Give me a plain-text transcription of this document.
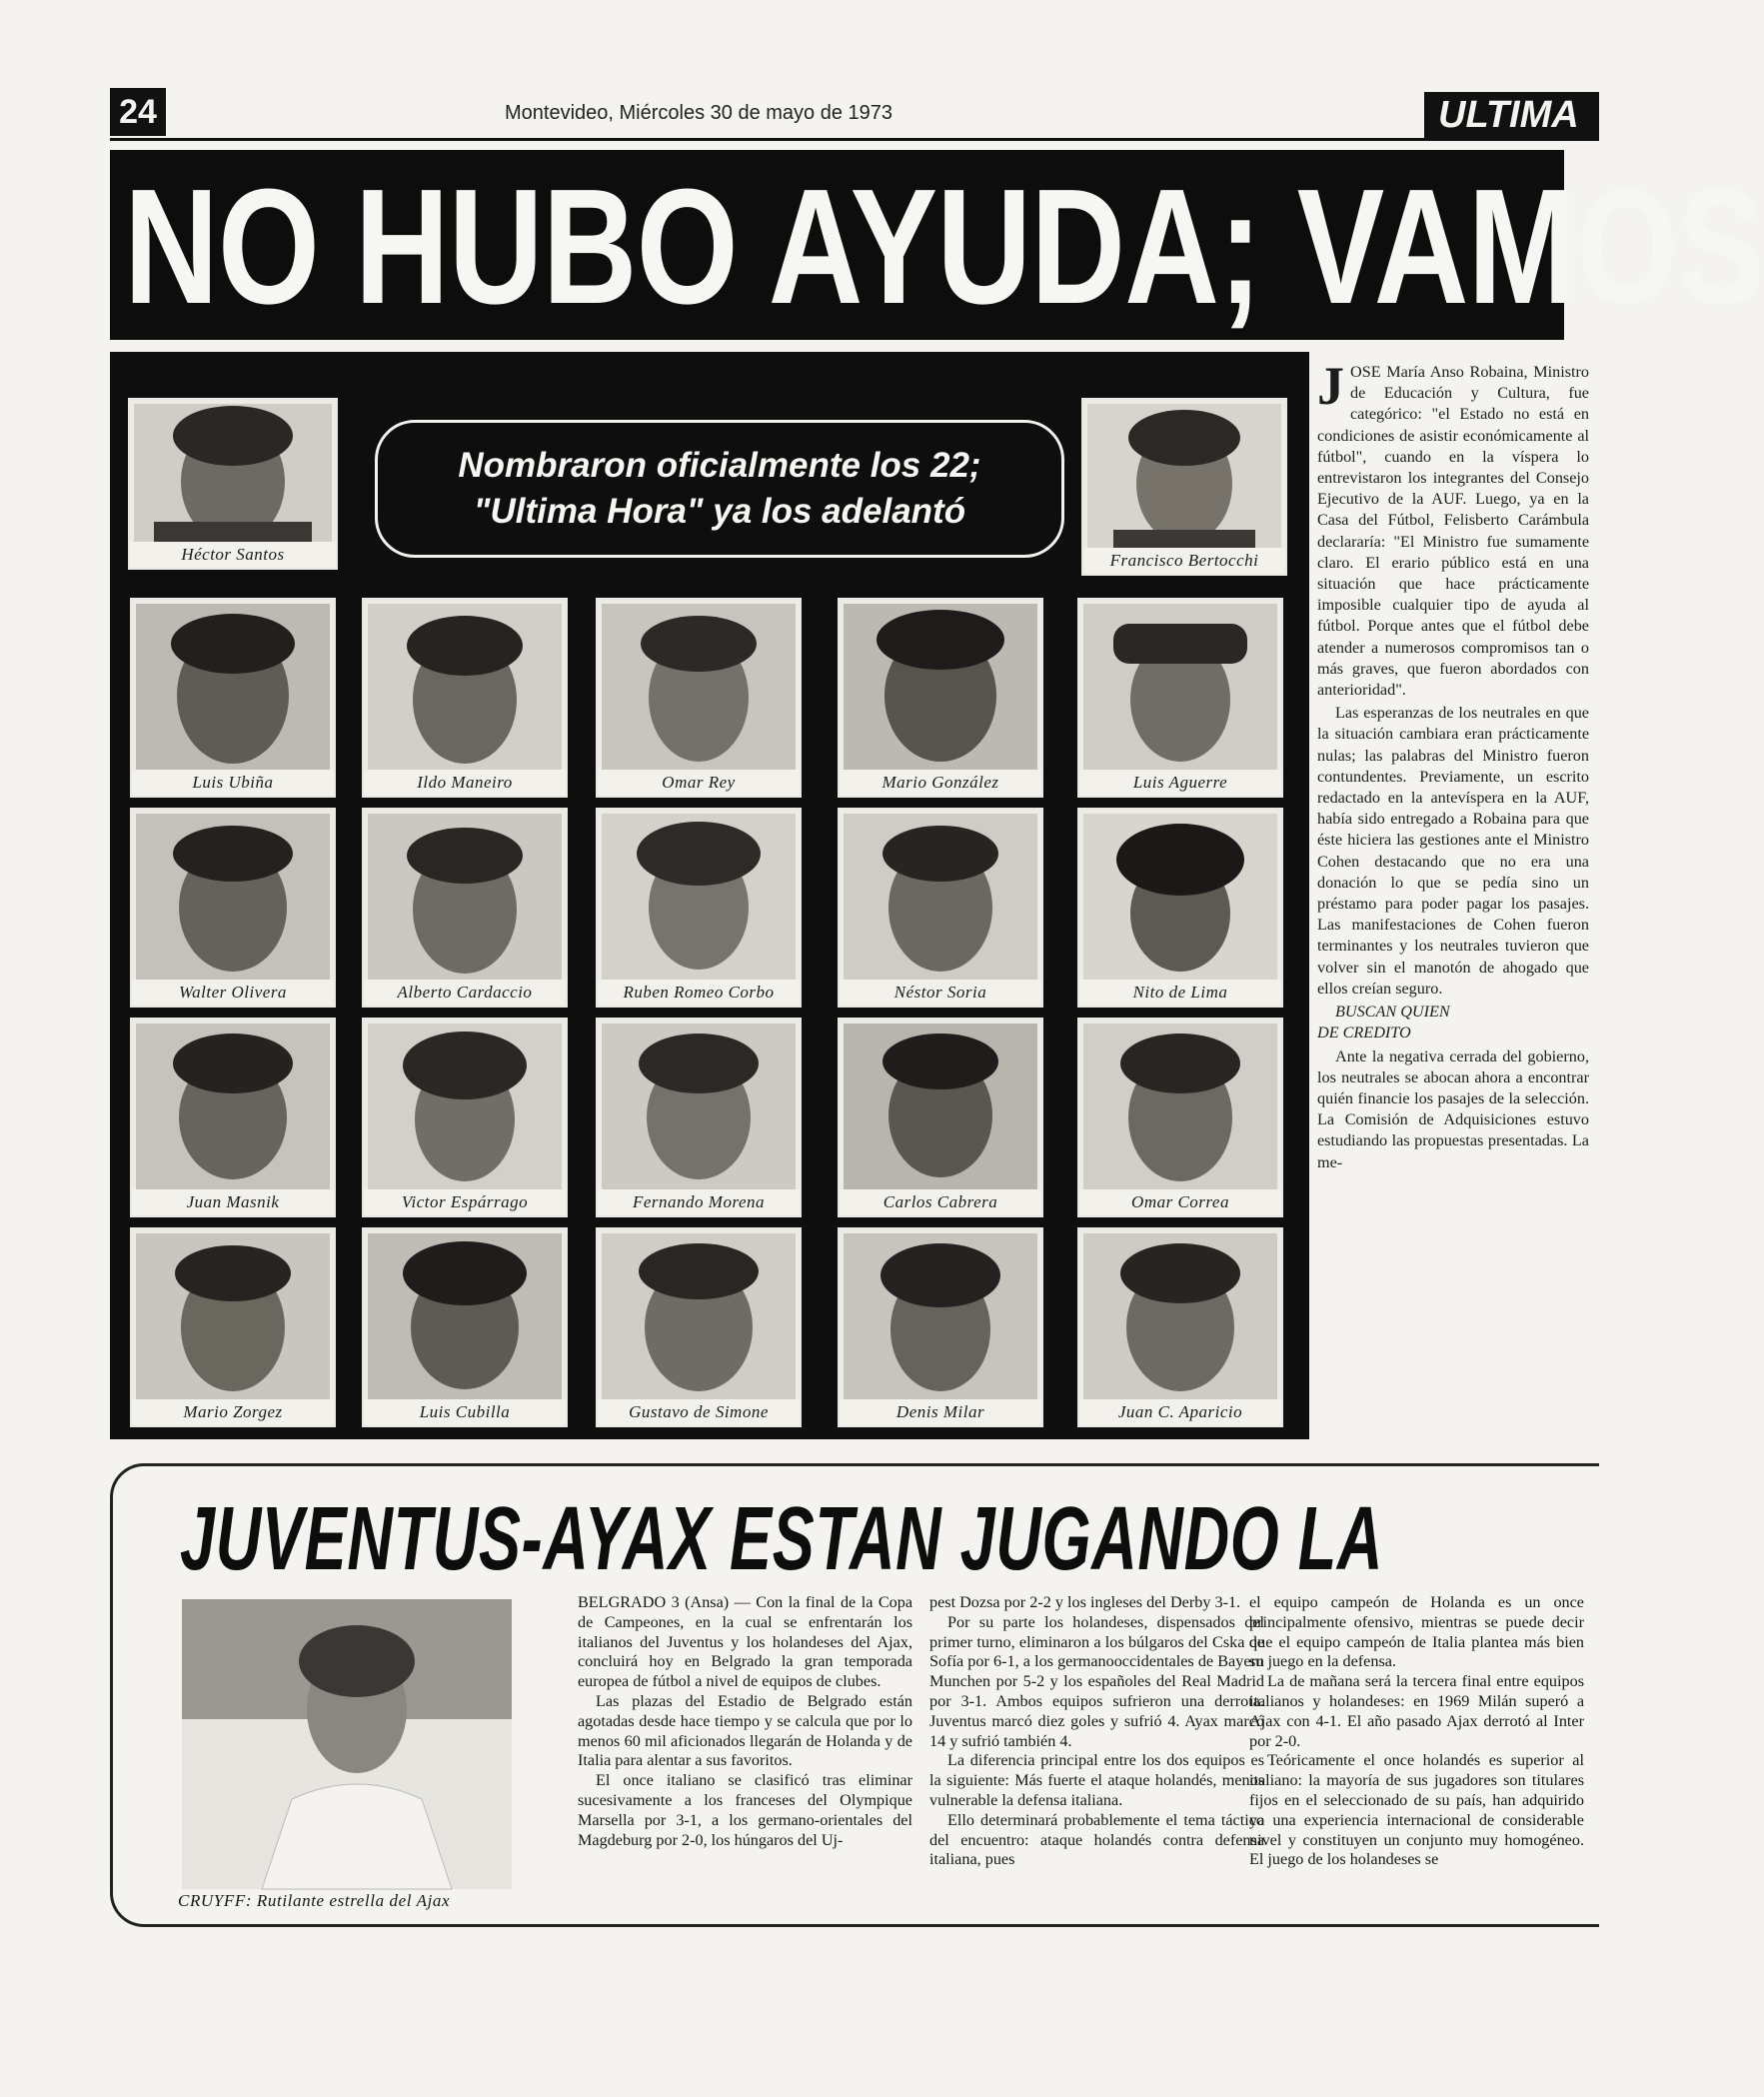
24	Montevideo, Miércoles 30 de mayo de 1973	ULTIMA
NO HUBO AYUDA; VAMOS
Nombraron oficialmente los 22;
"Ultima Hora" ya los adelantó
Héctor Santos	Francisco Bertocchi
Luis Ubiña	Ildo Maneiro	Omar Rey	Mario González	Luis Aguerre
Walter Olivera	Alberto Cardaccio	Ruben Romeo Corbo	Néstor Soria	Nito de Lima
Juan Masnik	Victor Espárrago	Fernando Morena	Carlos Cabrera	Omar Correa
Mario Zorgez	Luis Cubilla	Gustavo de Simone	Denis Milar	Juan C. Aparicio

JOSE María Anso Robaina, Ministro de Educación y Cultura, fue categórico: "el Estado no está en condiciones de asistir económicamente al fútbol", cuando en la víspera lo entrevistaron los integrantes del Consejo Ejecutivo de la AUF. Luego, ya en la Casa del Fútbol, Felisberto Carámbula declararía: "El Ministro fue sumamente claro. El erario público está en una situación que hace prácticamente imposible cualquier tipo de ayuda al fútbol. Porque antes que el fútbol debe atender a numerosos compromisos tan o más graves, que fueron abordados con anterioridad".

Las esperanzas de los neutrales en que la situación cambiara eran prácticamente nulas; las palabras del Ministro fueron contundentes. Previamente, un escrito redactado en la antevíspera en la AUF, había sido entregado a Robaina para que éste hiciera las gestiones ante el Ministro Cohen destacando que no era una donación lo que se pedía sino un préstamo para poder pagar los pasajes. Las manifestaciones de Cohen fueron terminantes y los neutrales tuvieron que volver sin el manotón de ahogado que ellos creían seguro.

BUSCAN QUIEN
DE CREDITO

Ante la negativa cerrada del gobierno, los neutrales se abocan ahora a encontrar quién financie los pasajes de la selección. La Comisión de Adquisiciones estuvo estudiando las propuestas presentadas. La me-

JUVENTUS-AYAX ESTAN JUGANDO LA
CRUYFF: Rutilante estrella del Ajax

BELGRADO 3 (Ansa) — Con la final de la Copa de Campeones, en la cual se enfrentarán los italianos del Juventus y los holandeses del Ajax, concluirá hoy en Belgrado la gran temporada europea de fútbol a nivel de equipos de clubes.

Las plazas del Estadio de Belgrado están agotadas desde hace tiempo y se calcula que por lo menos 60 mil aficionados llegarán de Holanda y de Italia para alentar a sus favoritos.

El once italiano se clasificó tras eliminar sucesivamente a los franceses del Olympique Marsella por 3-1, a los germano-orientales del Magdeburg por 2-0, los húngaros del Uj-

pest Dozsa por 2-2 y los ingleses del Derby 3-1.

Por su parte los holandeses, dispensados del primer turno, eliminaron a los búlgaros del Cska de Sofía por 6-1, a los germanooccidentales de Bayern Munchen por 5-2 y los españoles del Real Madrid por 3-1. Ambos equipos sufrieron una derrota. Juventus marcó diez goles y sufrió 4. Ayax marcó 14 y sufrió también 4.

La diferencia principal entre los dos equipos es la siguiente: Más fuerte el ataque holandés, menos vulnerable la defensa italiana.

Ello determinará probablemente el tema táctico del encuentro: ataque holandés contra defensa italiana, pues

el equipo campeón de Holanda es un once principalmente ofensivo, mientras se puede decir que el equipo campeón de Italia plantea más bien su juego en la defensa.

La de mañana será la tercera final entre equipos italianos y holandeses: en 1969 Milán superó a Ajax con 4-1. El año pasado Ajax derrotó al Inter por 2-0.

Teóricamente el once holandés es superior al italiano: la mayoría de sus jugadores son titulares fijos en el seleccionado de su país, han adquirido ya una experiencia internacional de considerable nivel y constituyen un conjunto muy homogéneo. El juego de los holandeses se
